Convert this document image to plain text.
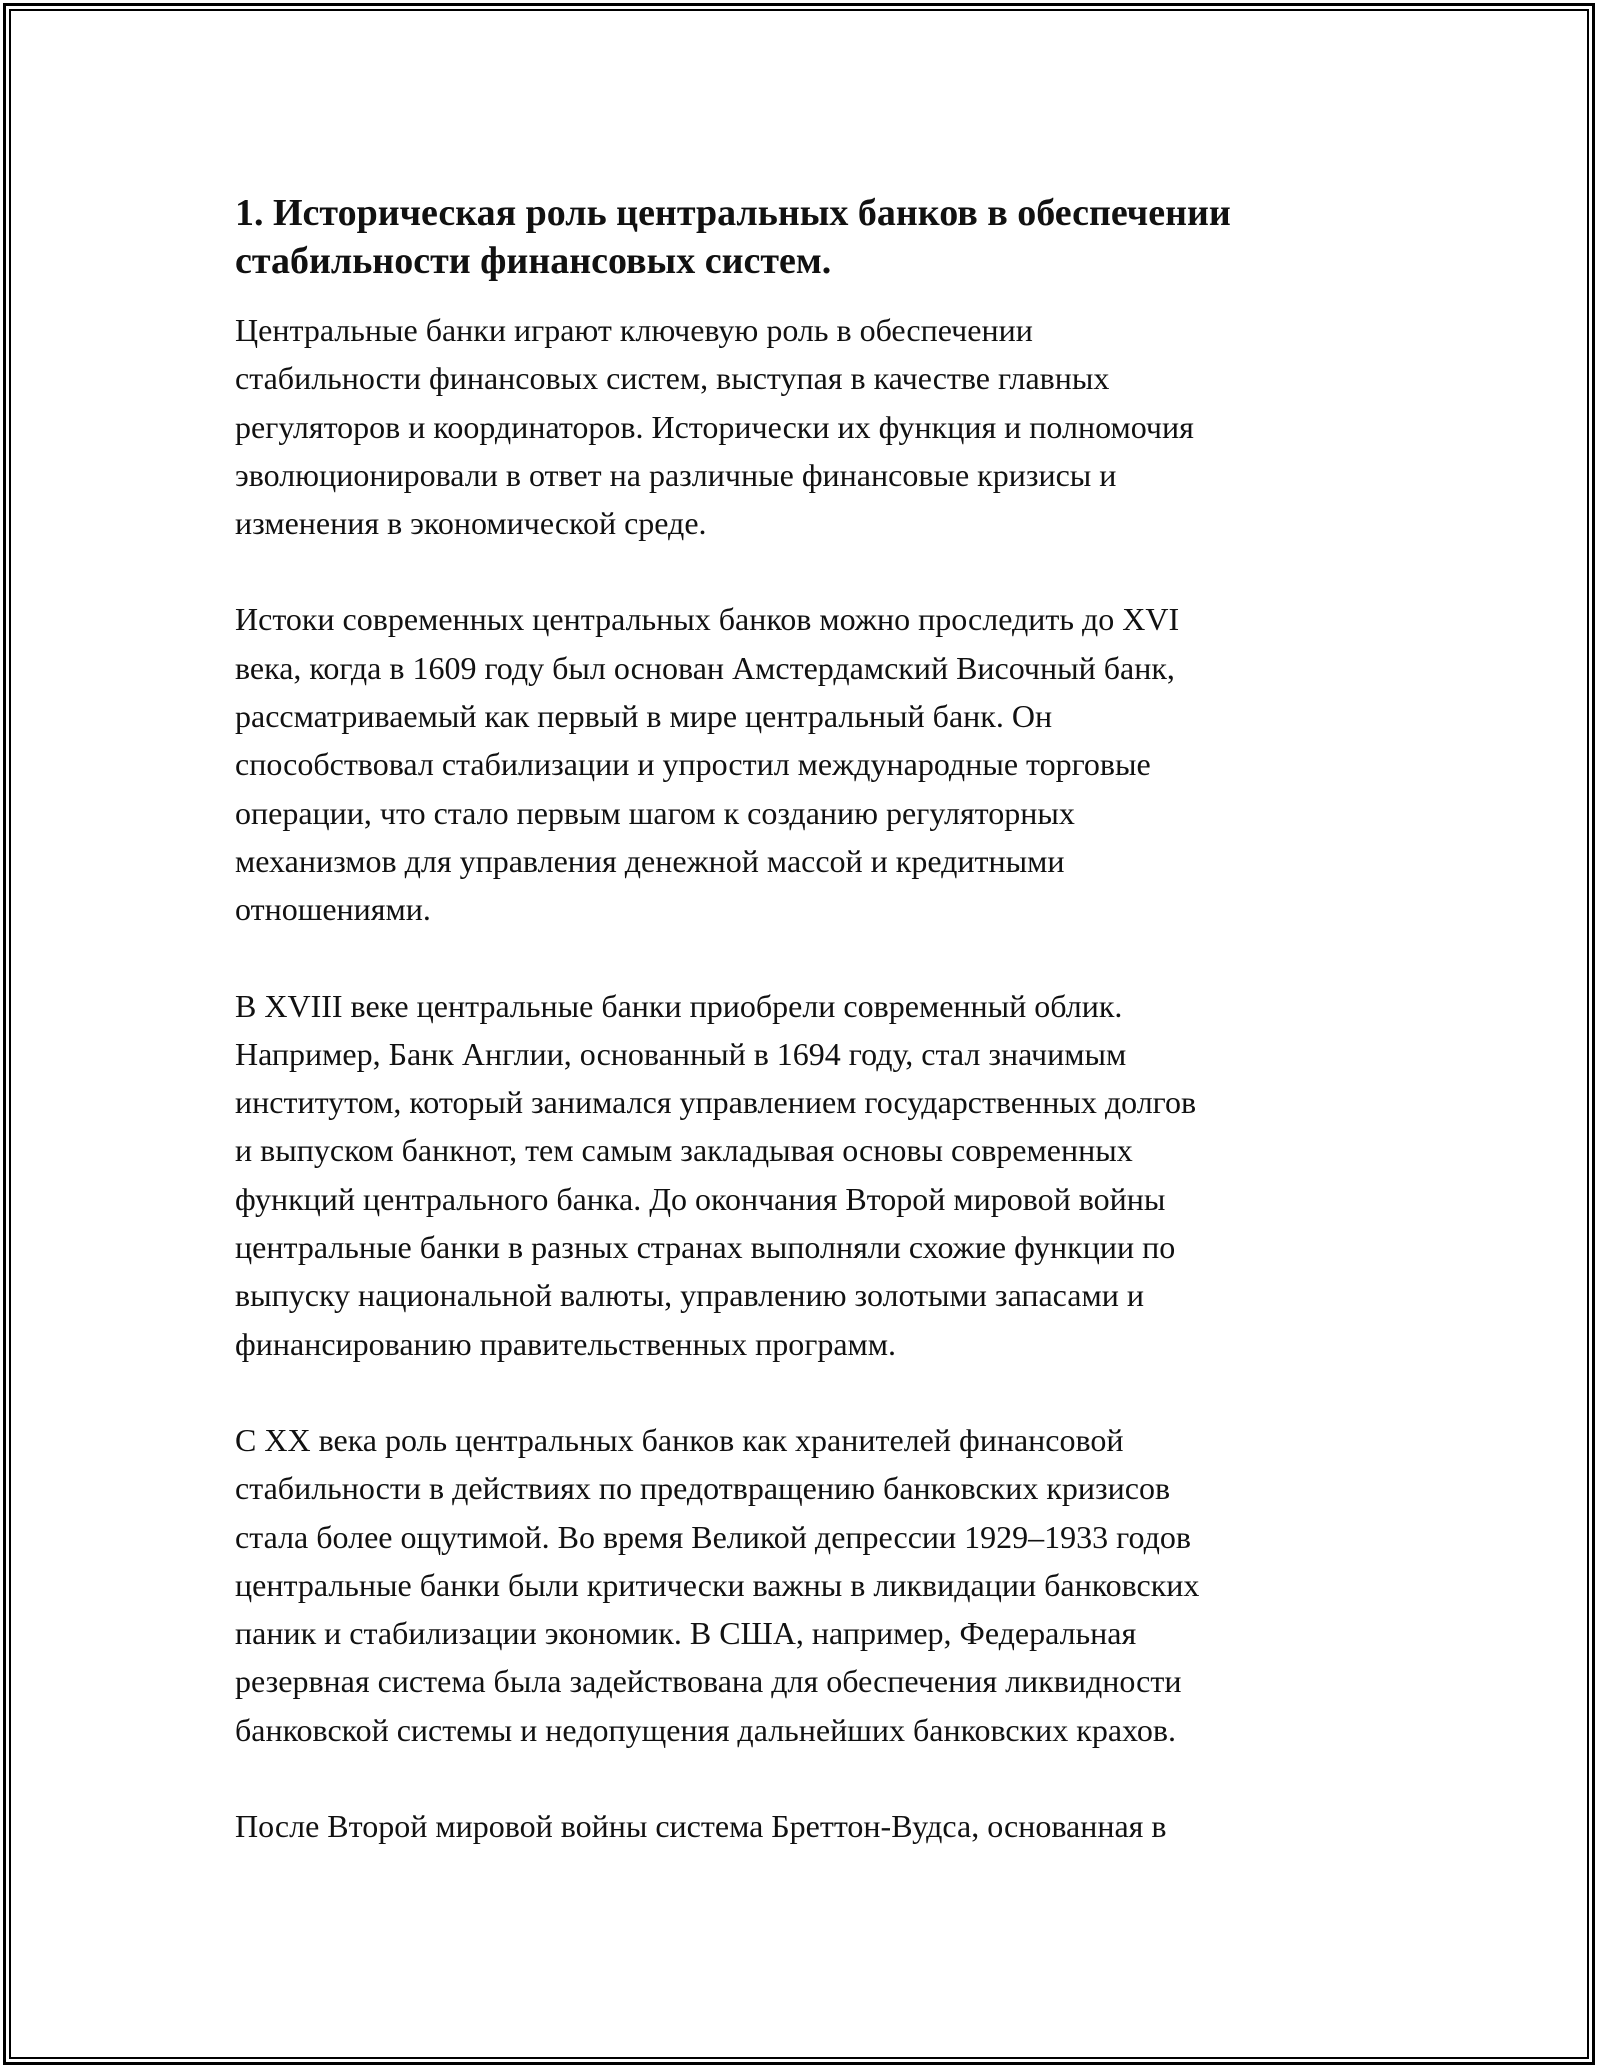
1. Историческая роль центральных банков в обеспечении
стабильности финансовых систем.

Центральные банки играют ключевую роль в обеспечении
стабильности финансовых систем, выступая в качестве главных
регуляторов и координаторов. Исторически их функция и полномочия
эволюционировали в ответ на различные финансовые кризисы и
изменения в экономической среде.

Истоки современных центральных банков можно проследить до XVI
века, когда в 1609 году был основан Амстердамский Височный банк,
рассматриваемый как первый в мире центральный банк. Он
способствовал стабилизации и упростил международные торговые
операции, что стало первым шагом к созданию регуляторных
механизмов для управления денежной массой и кредитными
отношениями.

В XVIII веке центральные банки приобрели современный облик.
Например, Банк Англии, основанный в 1694 году, стал значимым
институтом, который занимался управлением государственных долгов
и выпуском банкнот, тем самым закладывая основы современных
функций центрального банка. До окончания Второй мировой войны
центральные банки в разных странах выполняли схожие функции по
выпуску национальной валюты, управлению золотыми запасами и
финансированию правительственных программ.

С XX века роль центральных банков как хранителей финансовой
стабильности в действиях по предотвращению банковских кризисов
стала более ощутимой. Во время Великой депрессии 1929–1933 годов
центральные банки были критически важны в ликвидации банковских
паник и стабилизации экономик. В США, например, Федеральная
резервная система была задействована для обеспечения ликвидности
банковской системы и недопущения дальнейших банковских крахов.

После Второй мировой войны система Бреттон-Вудса, основанная в
